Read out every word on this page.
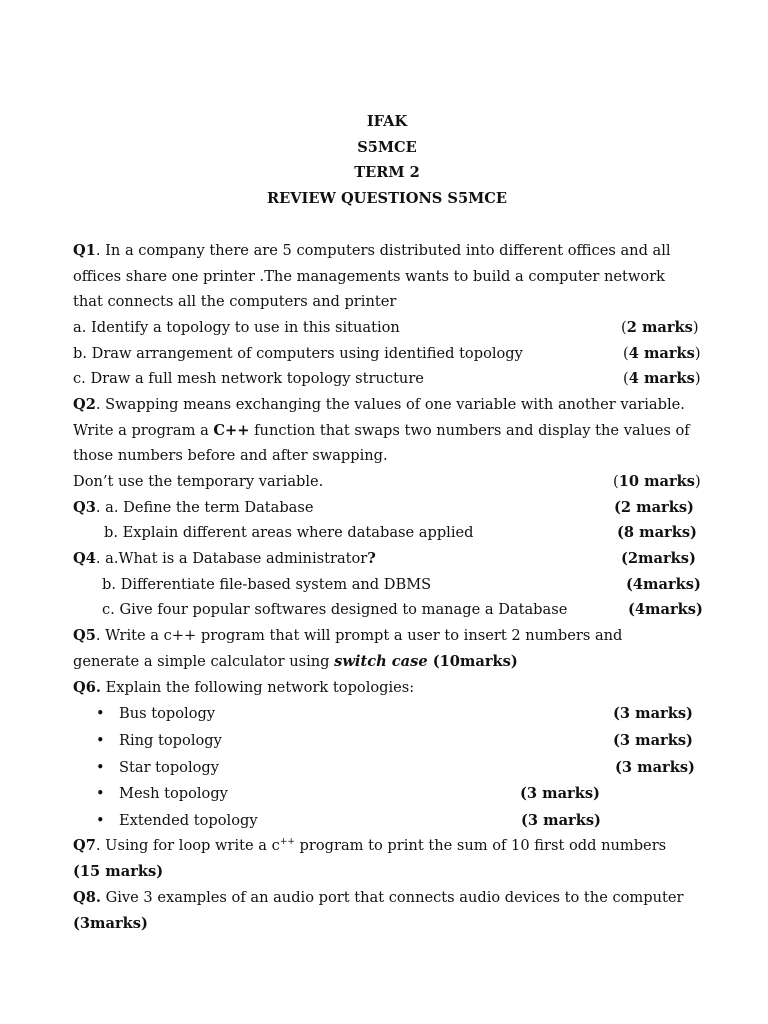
IFAK
S5MCE
TERM 2
REVIEW QUESTIONS S5MCE
Q1. In a company there are 5 computers distributed into different offices and all
offices share one printer .The managements wants to build a computer network
that connects all the computers and printer
a. Identify a topology to use in this situation	(2 marks)
b. Draw arrangement of computers using identified topology	(4 marks)
c. Draw a full mesh network topology structure	(4 marks)
Q2. Swapping means exchanging the values of one variable with another variable.
Write a program a C++ function that swaps two numbers and display the values of
those numbers before and after swapping.
Don’t use the temporary variable.	(10 marks)
Q3. a. Define the term Database	(2 marks)
b. Explain different areas where database applied	(8 marks)
Q4. a.What is a Database administrator?	(2marks)
b. Differentiate file-based system and DBMS	(4marks)
c. Give four popular softwares designed to manage a Database	(4marks)
Q5. Write a c++ program that will prompt a user to insert 2 numbers and
generate a simple calculator using switch case (10marks)
Q6. Explain the following network topologies:
• Bus topology	(3 marks)
• Ring topology	(3 marks)
• Star topology	(3 marks)
• Mesh topology	(3 marks)
• Extended topology	(3 marks)
Q7. Using for loop write a c++ program to print the sum of 10 first odd numbers
(15 marks)
Q8. Give 3 examples of an audio port that connects audio devices to the computer
(3marks)
